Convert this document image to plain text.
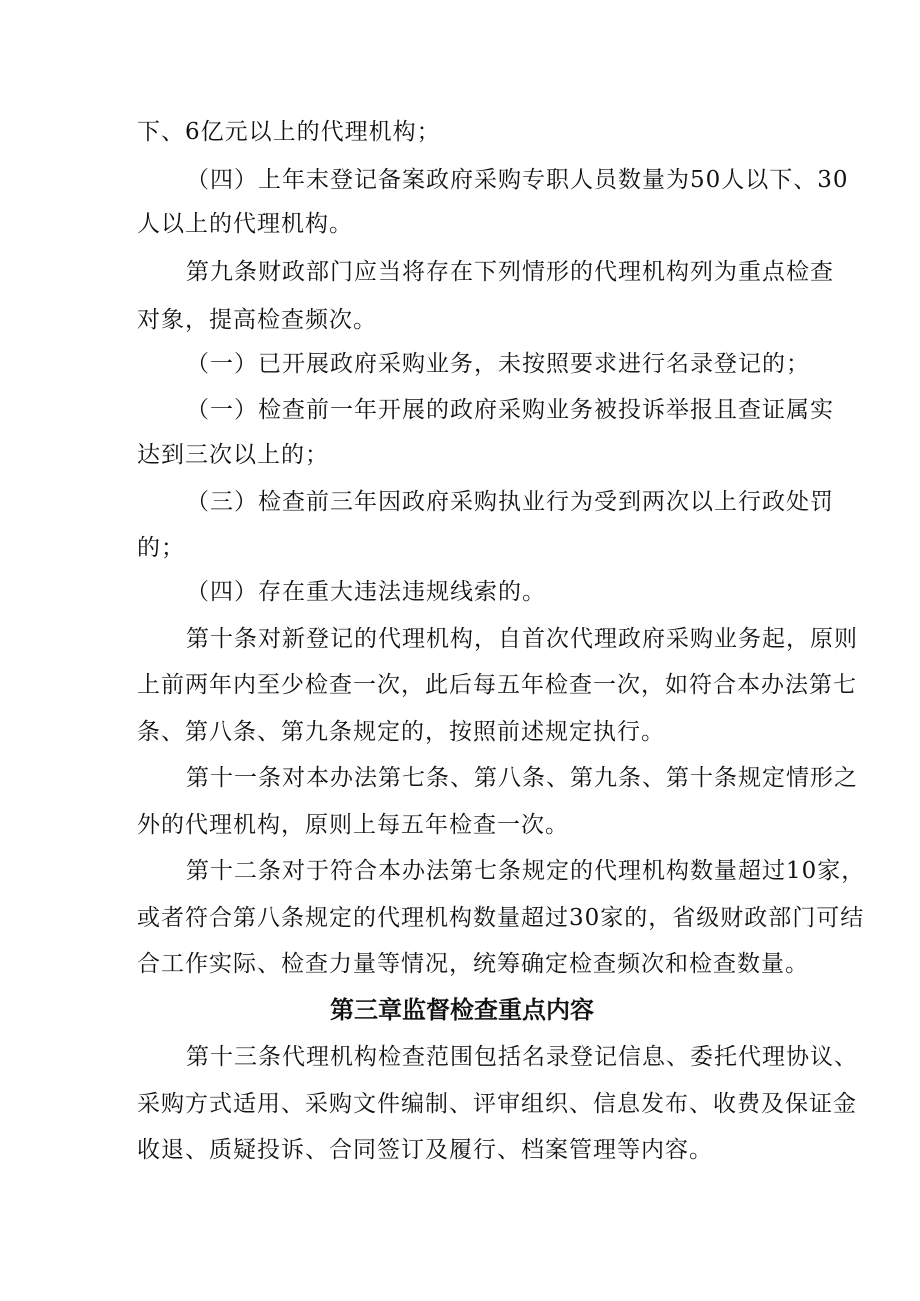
下、6亿元以上的代理机构；
（四）上年末登记备案政府采购专职人员数量为50人以下、30
人以上的代理机构。
第九条财政部门应当将存在下列情形的代理机构列为重点检查
对象，提高检查频次。
（一）已开展政府采购业务，未按照要求进行名录登记的；
（一）检查前一年开展的政府采购业务被投诉举报且查证属实
达到三次以上的；
（三）检查前三年因政府采购执业行为受到两次以上行政处罚
的；
（四）存在重大违法违规线索的。
第十条对新登记的代理机构，自首次代理政府采购业务起，原则
上前两年内至少检查一次，此后每五年检查一次，如符合本办法第七
条、第八条、第九条规定的，按照前述规定执行。
第十一条对本办法第七条、第八条、第九条、第十条规定情形之
外的代理机构，原则上每五年检查一次。
第十二条对于符合本办法第七条规定的代理机构数量超过10家，
或者符合第八条规定的代理机构数量超过30家的，省级财政部门可结
合工作实际、检查力量等情况，统筹确定检查频次和检查数量。
第三章监督检查重点内容
第十三条代理机构检查范围包括名录登记信息、委托代理协议、
采购方式适用、采购文件编制、评审组织、信息发布、收费及保证金
收退、质疑投诉、合同签订及履行、档案管理等内容。
